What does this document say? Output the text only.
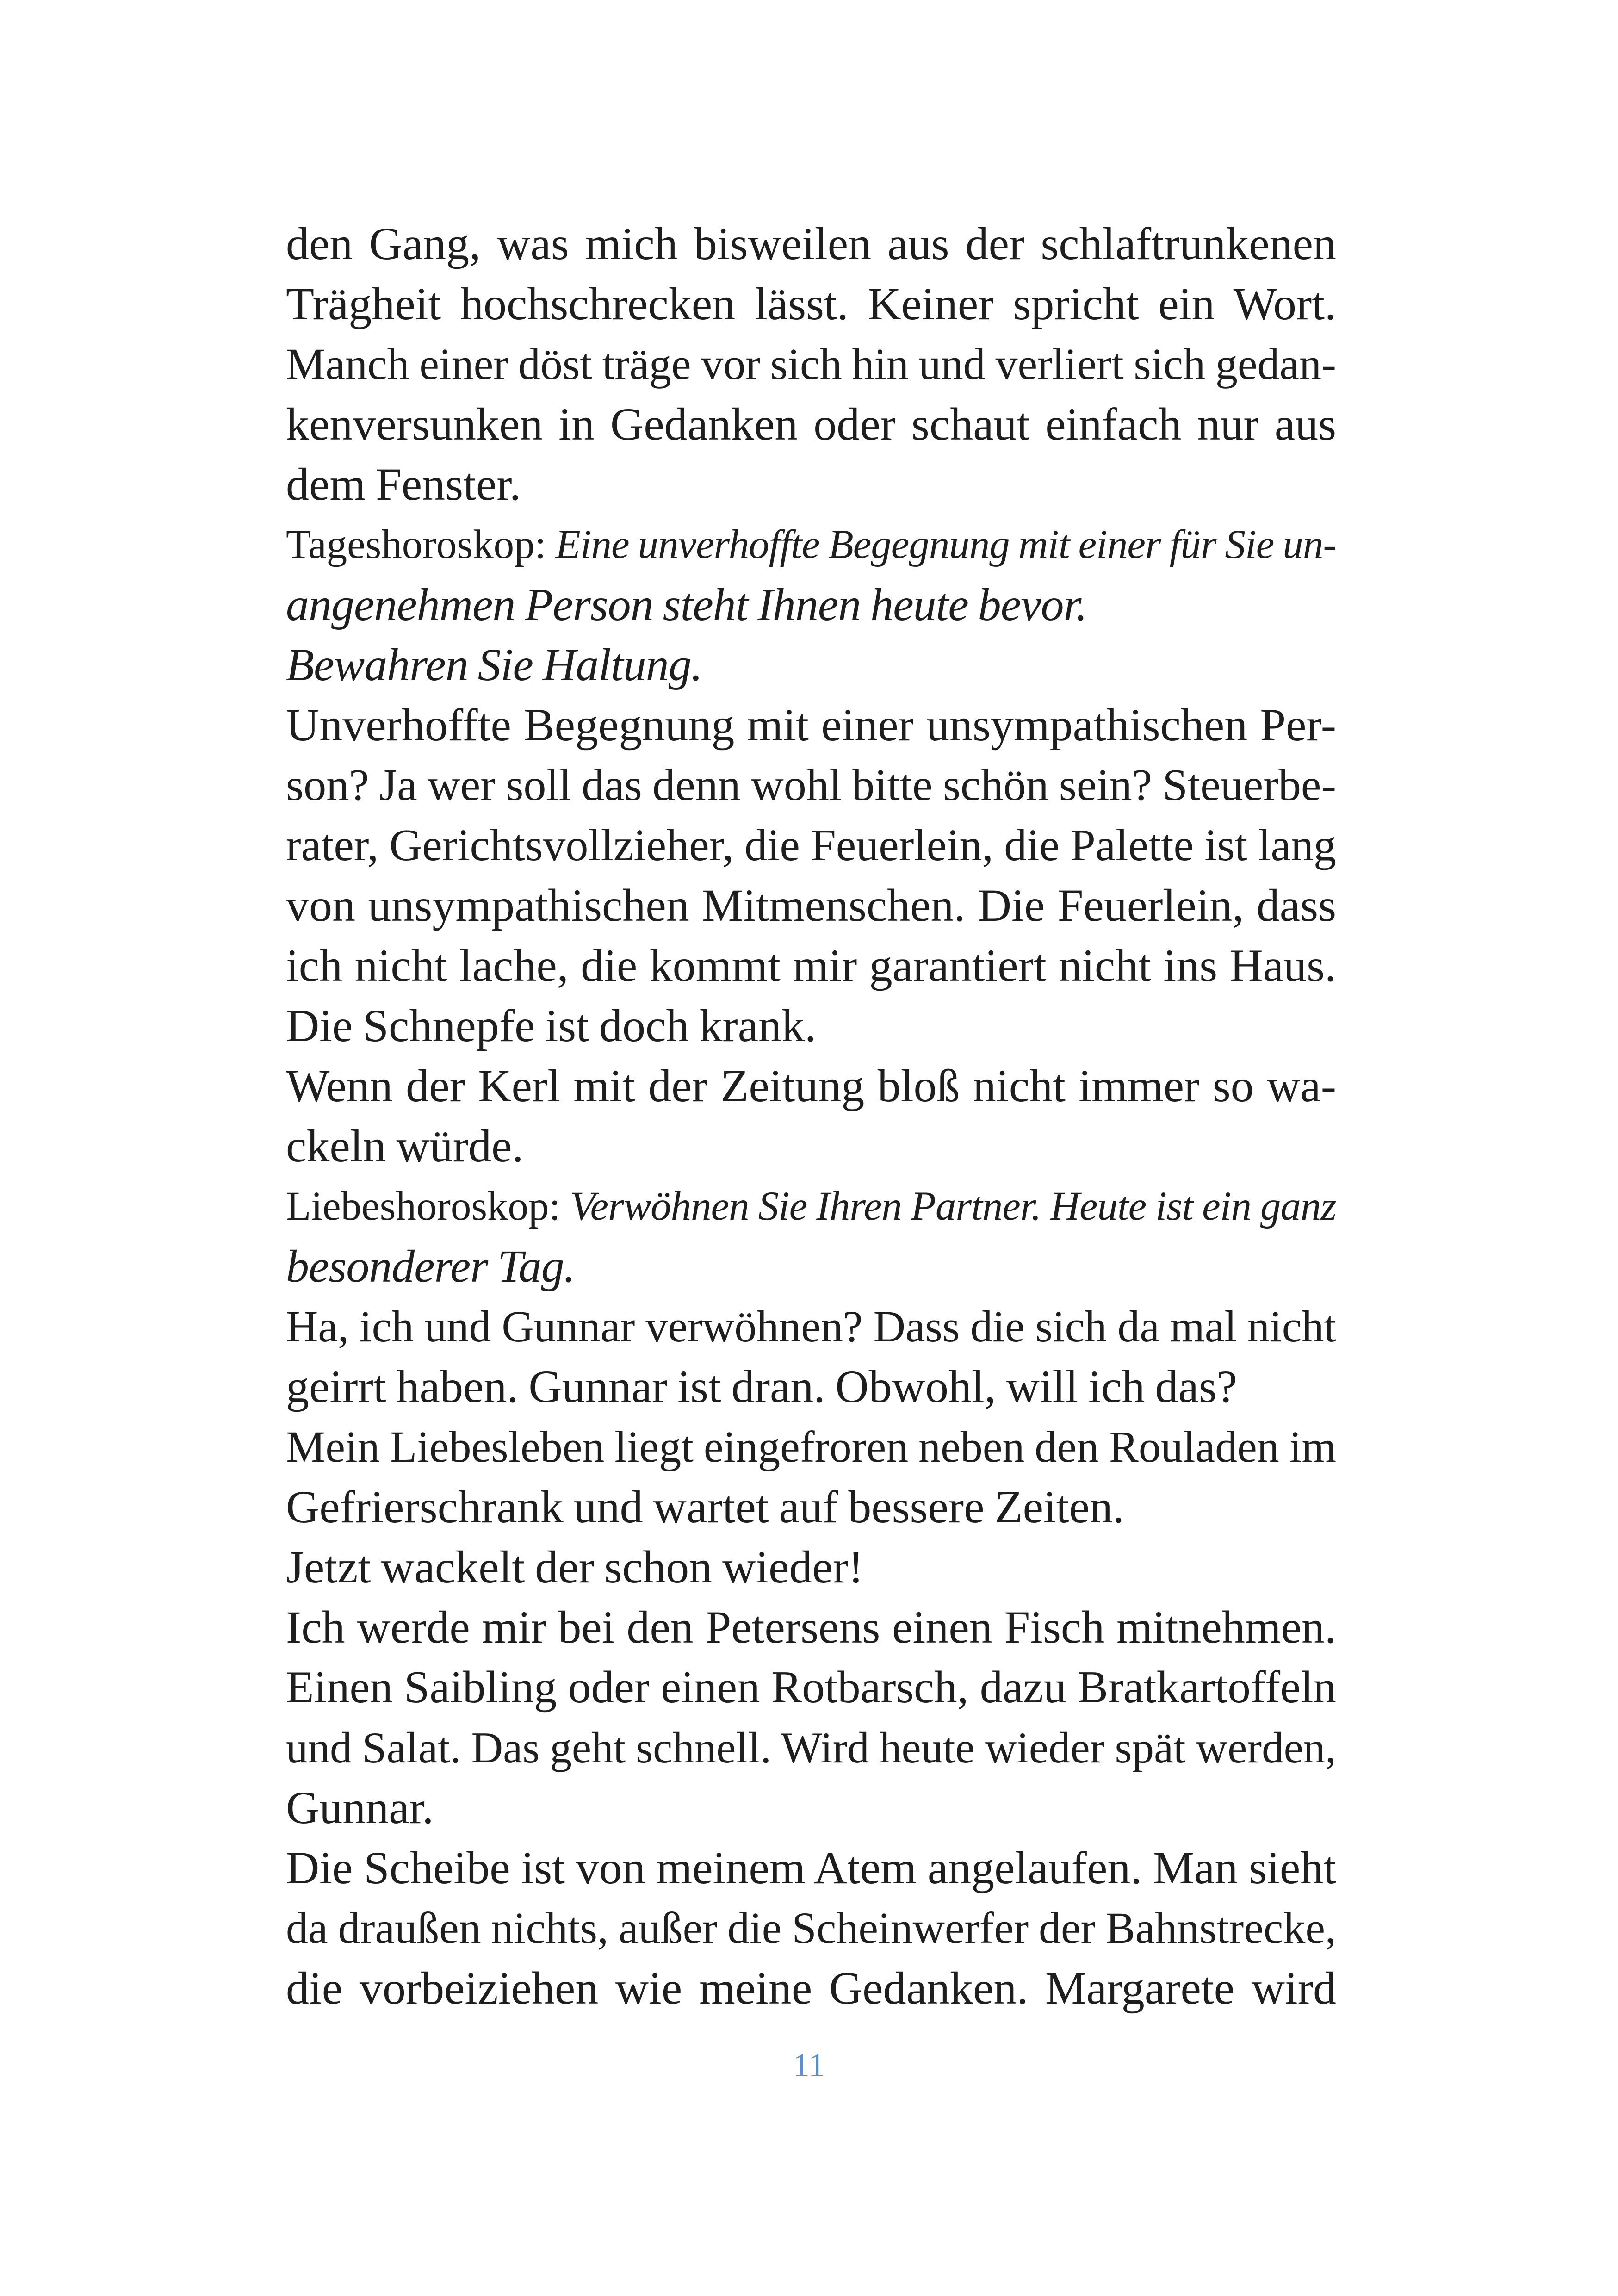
den Gang, was mich bisweilen aus der schlaftrunkenen
Trägheit hochschrecken lässt. Keiner spricht ein Wort.
Manch einer döst träge vor sich hin und verliert sich gedan-
kenversunken in Gedanken oder schaut einfach nur aus
dem Fenster.
Tageshoroskop: Eine unverhoffte Begegnung mit einer für Sie un-
angenehmen Person steht Ihnen heute bevor.
Bewahren Sie Haltung.
Unverhoffte Begegnung mit einer unsympathischen Per-
son? Ja wer soll das denn wohl bitte schön sein? Steuerbe-
rater, Gerichtsvollzieher, die Feuerlein, die Palette ist lang
von unsympathischen Mitmenschen. Die Feuerlein, dass
ich nicht lache, die kommt mir garantiert nicht ins Haus.
Die Schnepfe ist doch krank.
Wenn der Kerl mit der Zeitung bloß nicht immer so wa-
ckeln würde.
Liebeshoroskop: Verwöhnen Sie Ihren Partner. Heute ist ein ganz
besonderer Tag.
Ha, ich und Gunnar verwöhnen? Dass die sich da mal nicht
geirrt haben. Gunnar ist dran. Obwohl, will ich das?
Mein Liebesleben liegt eingefroren neben den Rouladen im
Gefrierschrank und wartet auf bessere Zeiten.
Jetzt wackelt der schon wieder!
Ich werde mir bei den Petersens einen Fisch mitnehmen.
Einen Saibling oder einen Rotbarsch, dazu Bratkartoffeln
und Salat. Das geht schnell. Wird heute wieder spät werden,
Gunnar.
Die Scheibe ist von meinem Atem angelaufen. Man sieht
da draußen nichts, außer die Scheinwerfer der Bahnstrecke,
die vorbeiziehen wie meine Gedanken. Margarete wird
11
